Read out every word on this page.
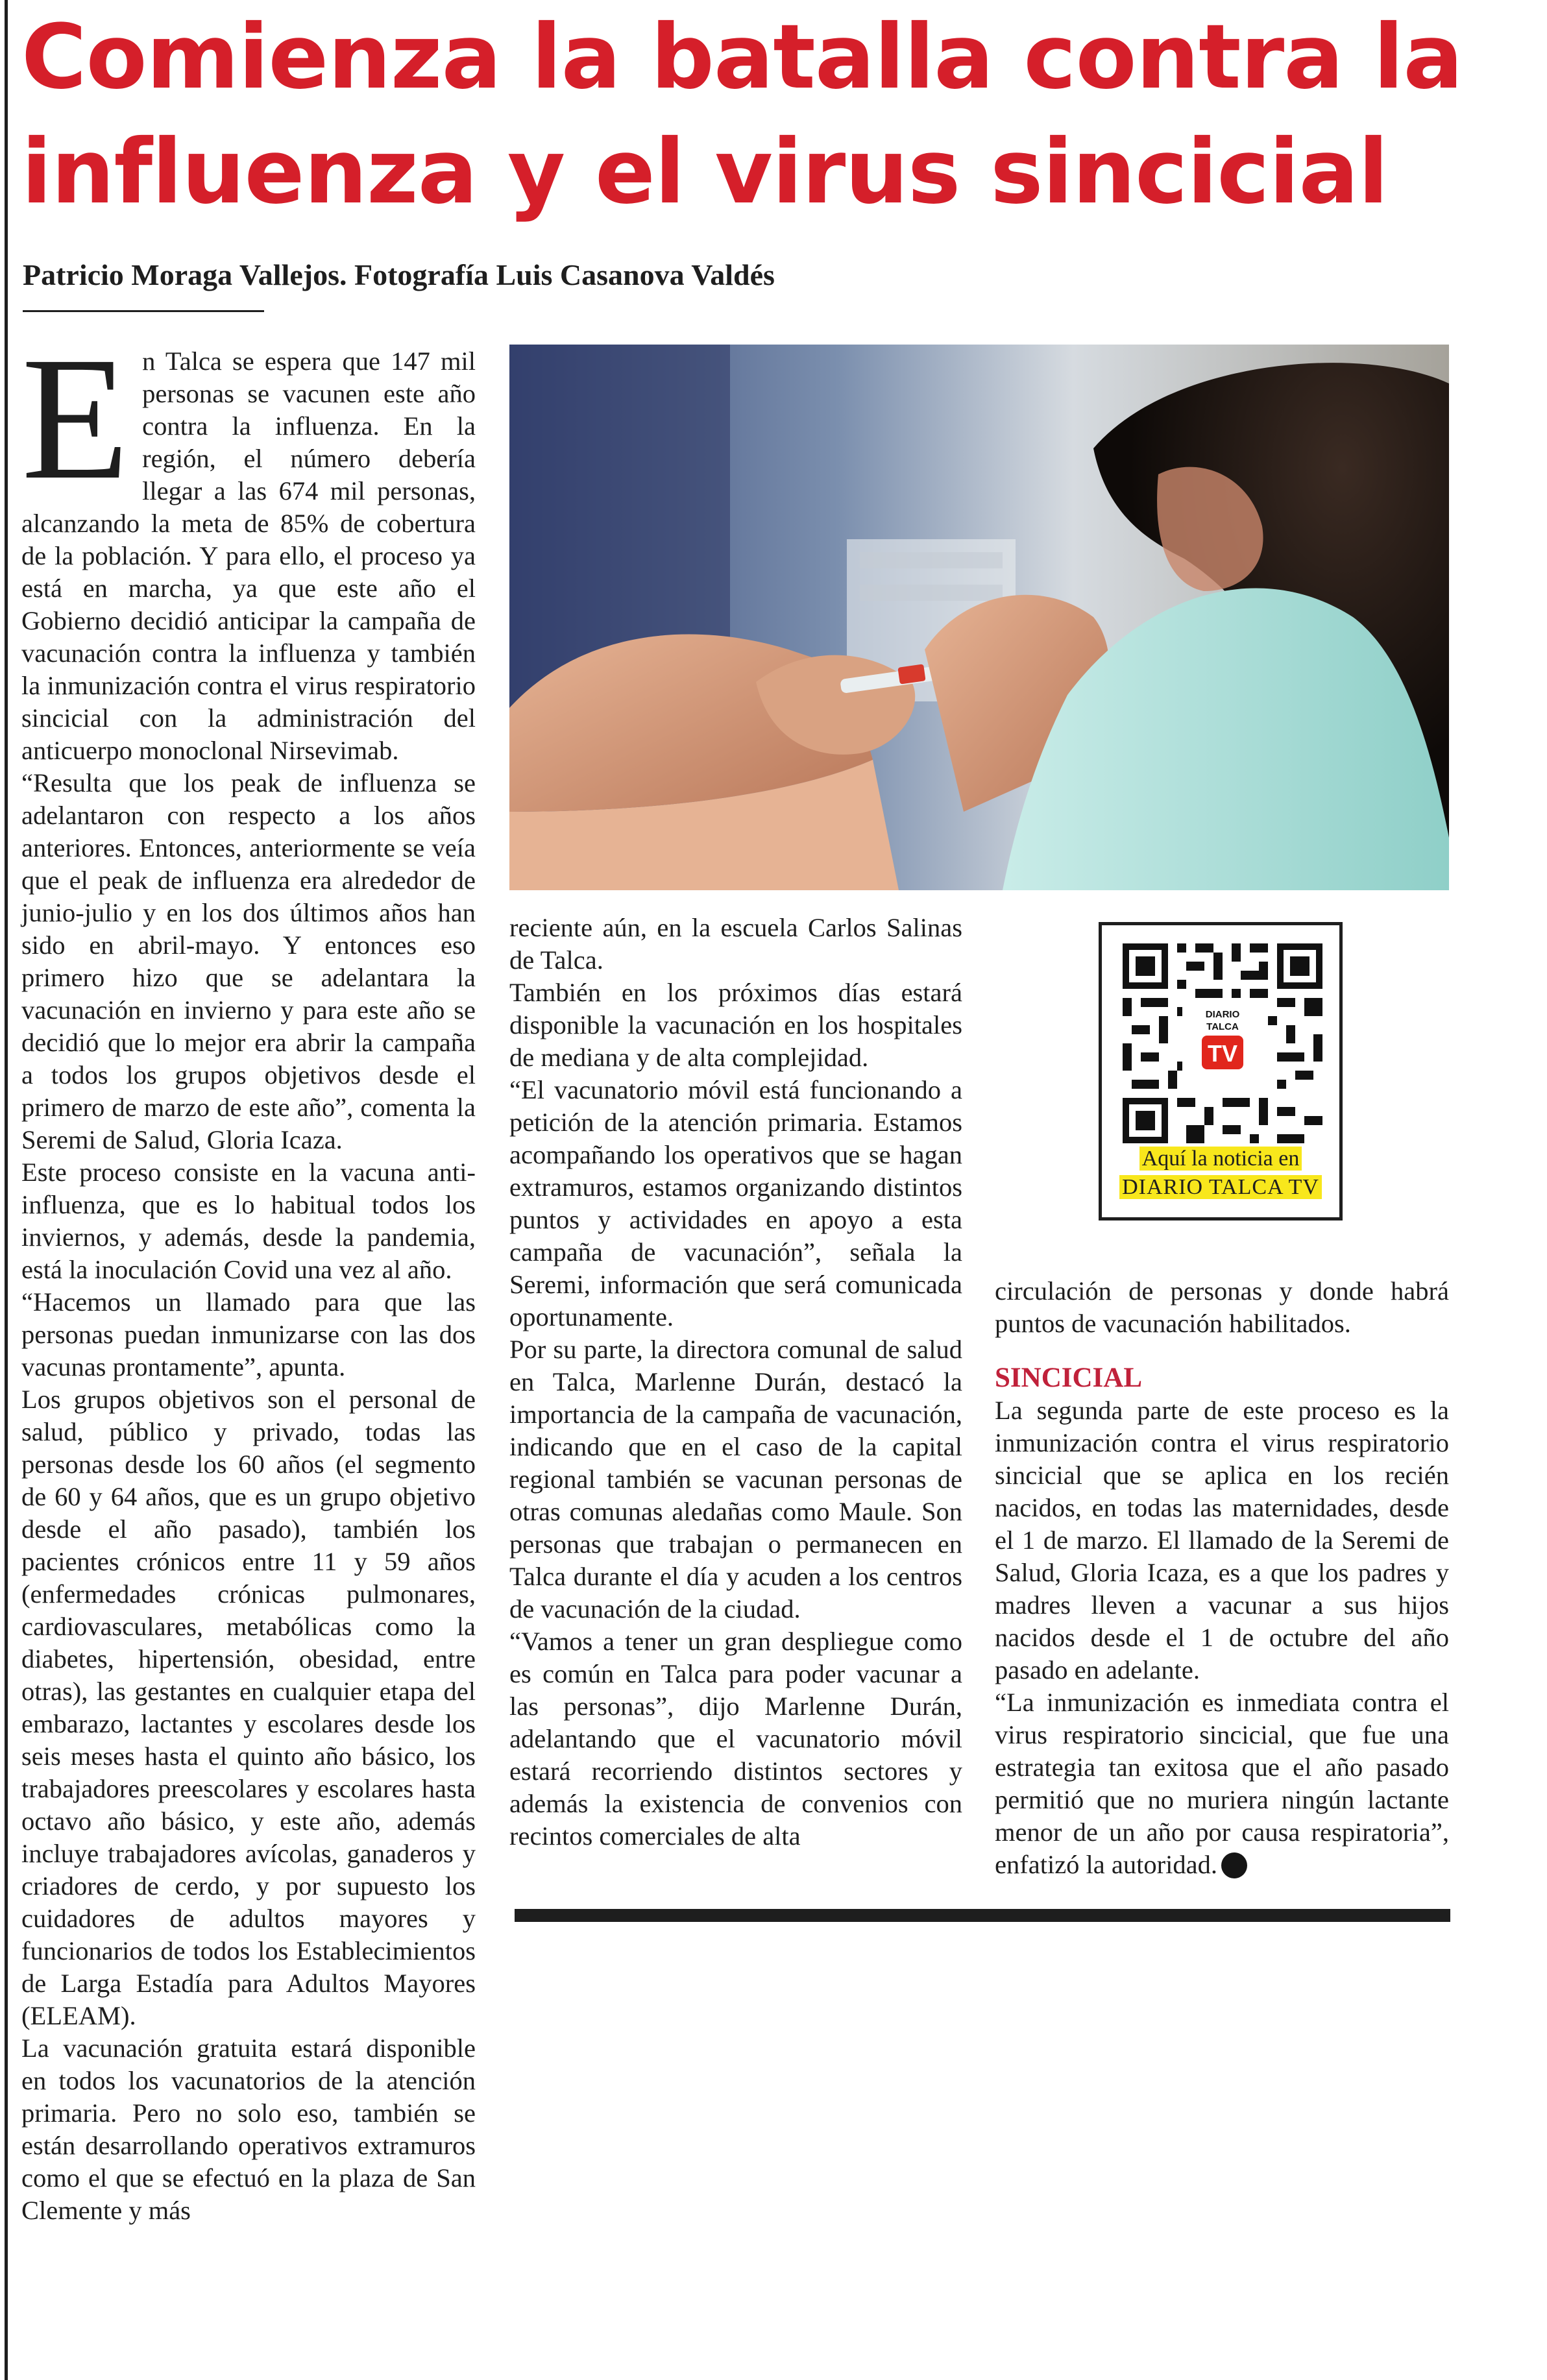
Comienza la batalla contra la
influenza y el virus sincicial

Patricio Moraga Vallejos. Fotografía Luis Casanova Valdés

En Talca se espera que 147 mil personas se vacunen este año contra la influenza. En la región, el número debería llegar a las 674 mil personas, alcanzando la meta de 85% de cobertura de la población. Y para ello, el proceso ya está en marcha, ya que este año el Gobierno decidió anticipar la campaña de vacunación contra la influenza y también la inmunización contra el virus respiratorio sincicial con la administración del anticuerpo monoclonal Nirsevimab.

“Resulta que los peak de influenza se adelantaron con respecto a los años anteriores. Entonces, anteriormente se veía que el peak de influenza era alrededor de junio-julio y en los dos últimos años han sido en abril-mayo. Y entonces eso primero hizo que se adelantara la vacunación en invierno y para este año se decidió que lo mejor era abrir la campaña a todos los grupos objetivos desde el primero de marzo de este año”, comenta la Seremi de Salud, Gloria Icaza.

Este proceso consiste en la vacuna anti-influenza, que es lo habitual todos los inviernos, y además, desde la pandemia, está la inoculación Covid una vez al año.

“Hacemos un llamado para que las personas puedan inmunizarse con las dos vacunas prontamente”, apunta.

Los grupos objetivos son el personal de salud, público y privado, todas las personas desde los 60 años (el segmento de 60 y 64 años, que es un grupo objetivo desde el año pasado), también los pacientes crónicos entre 11 y 59 años (enfermedades crónicas pulmonares, cardiovasculares, metabólicas como la diabetes, hipertensión, obesidad, entre otras), las gestantes en cualquier etapa del embarazo, lactantes y escolares desde los seis meses hasta el quinto año básico, los trabajadores preescolares y escolares hasta octavo año básico, y este año, además incluye trabajadores avícolas, ganaderos y criadores de cerdo, y por supuesto los cuidadores de adultos mayores y funcionarios de todos los Establecimientos de Larga Estadía para Adultos Mayores (ELEAM).

La vacunación gratuita estará disponible en todos los vacunatorios de la atención primaria. Pero no solo eso, también se están desarrollando operativos extramuros como el que se efectuó en la plaza de San Clemente y más

reciente aún, en la escuela Carlos Salinas de Talca.

También en los próximos días estará disponible la vacunación en los hospitales de mediana y de alta complejidad.

“El vacunatorio móvil está funcionando a petición de la atención primaria. Estamos acompañando los operativos que se hagan extramuros, estamos organizando distintos puntos y actividades en apoyo a esta campaña de vacunación”, señala la Seremi, información que será comunicada oportunamente.

Por su parte, la directora comunal de salud en Talca, Marlenne Durán, destacó la importancia de la campaña de vacunación, indicando que en el caso de la capital regional también se vacunan personas de otras comunas aledañas como Maule. Son personas que trabajan o permanecen en Talca durante el día y acuden a los centros de vacunación de la ciudad.

“Vamos a tener un gran despliegue como es común en Talca para poder vacunar a las personas”, dijo Marlenne Durán, adelantando que el vacunatorio móvil estará recorriendo distintos sectores y además la existencia de convenios con recintos comerciales de alta

DIARIO
TALCA
TV
Aquí la noticia en
DIARIO TALCA TV

circulación de personas y donde habrá puntos de vacunación habilitados.

SINCICIAL

La segunda parte de este proceso es la inmunización contra el virus respiratorio sincicial que se aplica en los recién nacidos, en todas las maternidades, desde el 1 de marzo. El llamado de la Seremi de Salud, Gloria Icaza, es a que los padres y madres lleven a vacunar a sus hijos nacidos desde el 1 de octubre del año pasado en adelante.

“La inmunización es inmediata contra el virus respiratorio sincicial, que fue una estrategia tan exitosa que el año pasado permitió que no muriera ningún lactante menor de un año por causa respiratoria”, enfatizó la autoridad.
